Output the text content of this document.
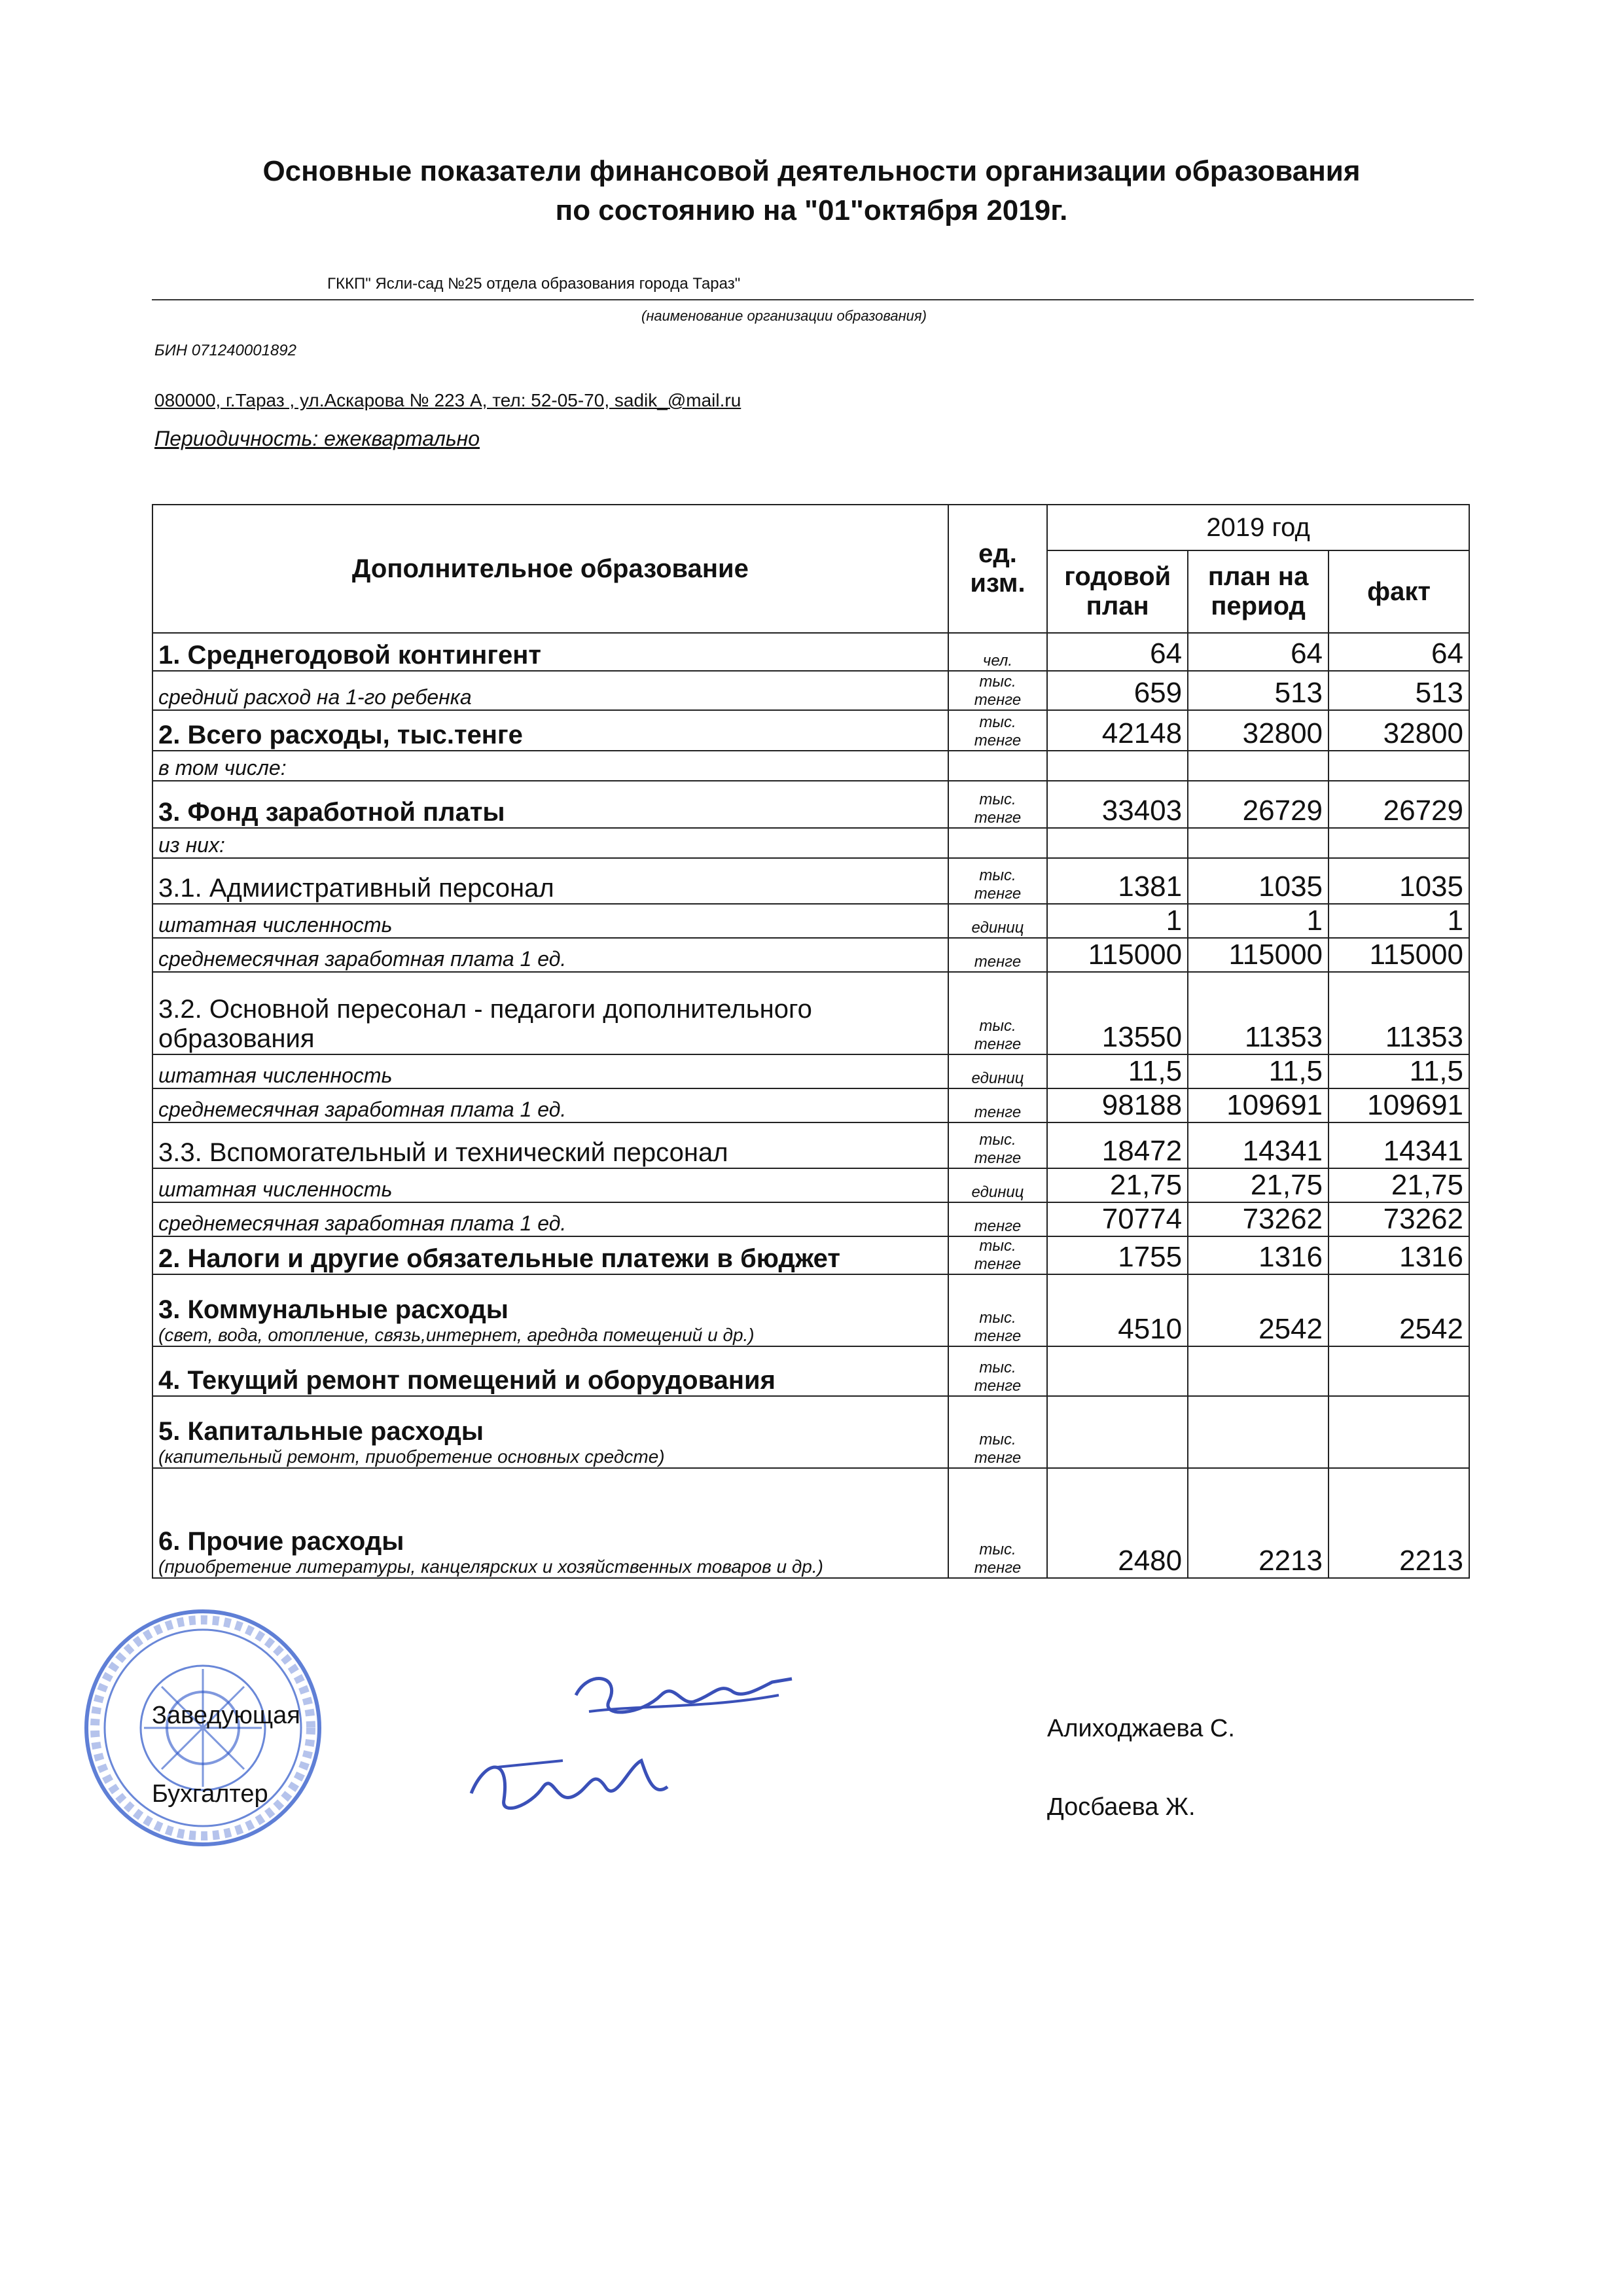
Основные показатели финансовой деятельности организации образования
по состоянию на "01"октября 2019г.
ГККП" Ясли-сад №25 отдела образования города Тараз"
(наименование организации образования)
БИН 071240001892
080000, г.Тараз , ул.Аскарова № 223 А, тел: 52-05-70, sadik_@mail.ru
Периодичность: ежеквартально
Дополнительное образование	ед. изм.	2019 год		
		годовой план	план на период	факт
1. Среднегодовой контингент	чел.	64	64	64
средний расход на 1-го ребенка	тыс. тенге	659	513	513
2. Всего расходы, тыс.тенге	тыс. тенге	42148	32800	32800
в том числе:				
3. Фонд заработной платы	тыс. тенге	33403	26729	26729
из них:				
3.1. Адмиистративный персонал	тыс. тенге	1381	1035	1035
штатная численность	единиц	1	1	1
среднемесячная заработная плата 1 ед.	тенге	115000	115000	115000
3.2. Основной пересонал - педагоги дополнительного образования	тыс. тенге	13550	11353	11353
штатная численность	единиц	11,5	11,5	11,5
среднемесячная заработная плата 1 ед.	тенге	98188	109691	109691
3.3. Вспомогательный и технический персонал	тыс. тенге	18472	14341	14341
штатная численность	единиц	21,75	21,75	21,75
среднемесячная заработная плата 1 ед.	тенге	70774	73262	73262
2. Налоги и другие обязательные платежи в бюджет	тыс. тенге	1755	1316	1316
3. Коммунальные расходы
(свет, вода, отопление, связь,интернет, ареднда помещений и др.)	тыс. тенге	4510	2542	2542
4. Текущий ремонт помещений и оборудования	тыс. тенге			
5. Капитальные расходы
(капительный ремонт, приобретение основных средстe)	тыс. тенге			
6. Прочие расходы
(приобретение литературы, канцелярских и хозяйственных товаров и др.)	тыс. тенге	2480	2213	2213
Заведующая	Алиходжаева С.
Бухгалтер	Досбаева Ж.
